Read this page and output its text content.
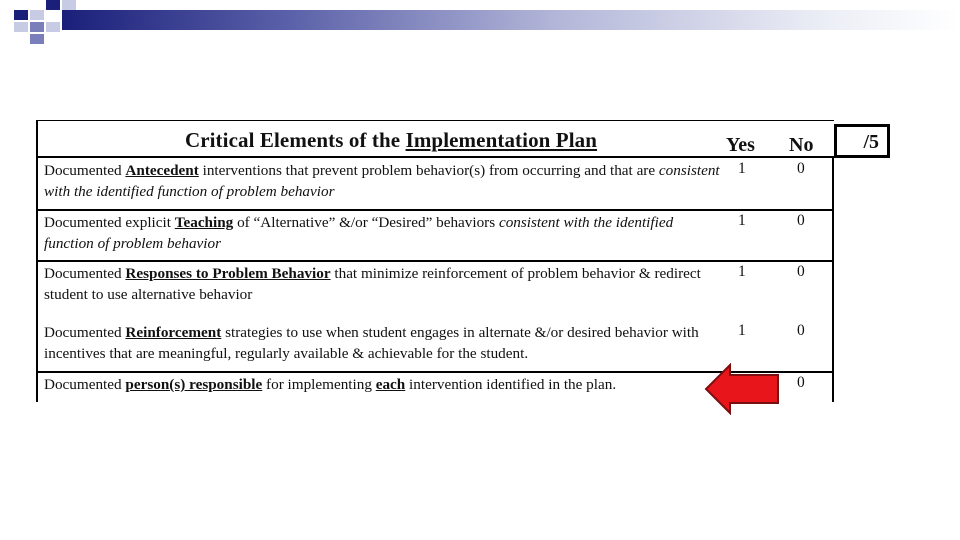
Critical Elements of the Implementation Plan	Yes No	/5
Documented Antecedent interventions that prevent problem behavior(s) from occurring and that are consistent with the identified function of problem behavior
1	0
Documented explicit Teaching of “Alternative” &/or “Desired” behaviors consistent with the identified function of problem behavior
1	0
Documented Responses to Problem Behavior that minimize reinforcement of problem behavior & redirect student to use alternative behavior
1	0
Documented Reinforcement strategies to use when student engages in alternate &/or desired behavior with incentives that are meaningful, regularly available & achievable for the student.
1	0
Documented person(s) responsible for implementing each intervention identified in the plan.	0
